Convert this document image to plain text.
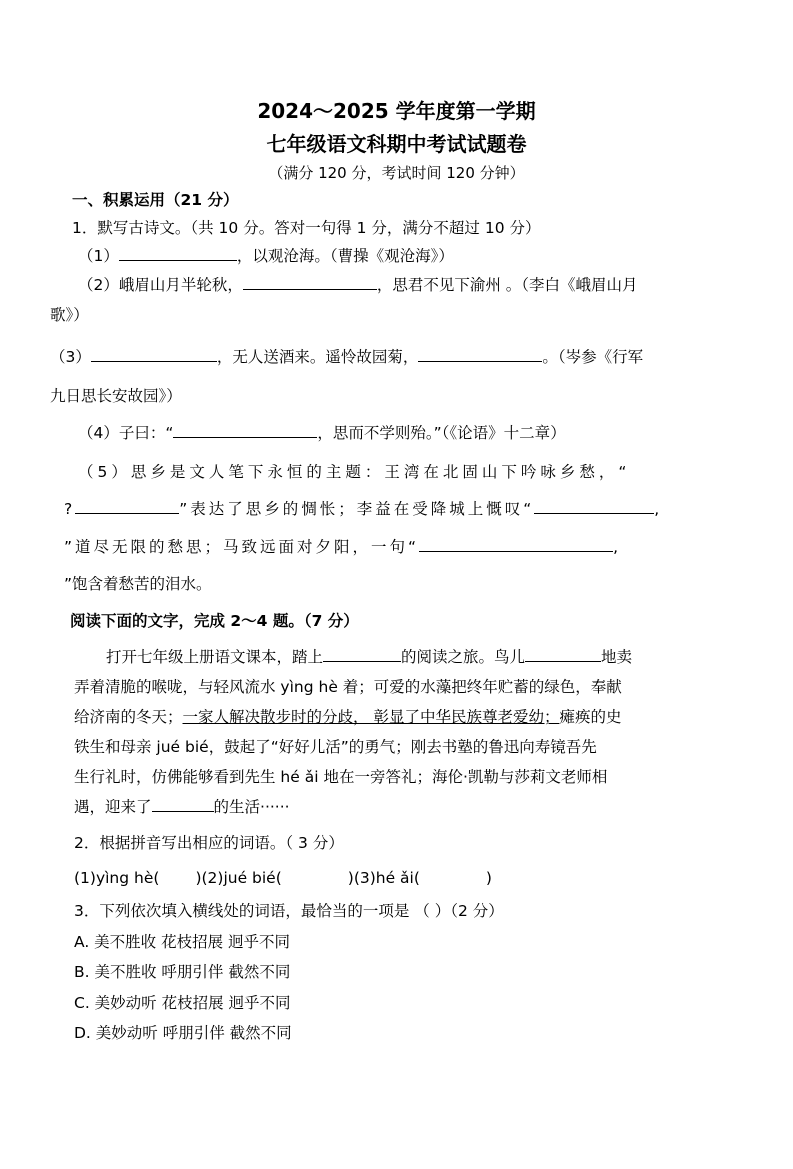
2024～2025 学年度第一学期
七年级语文科期中考试试题卷
（满分 120 分，考试时间 120 分钟）
一、积累运用（21 分）
1．默写古诗文。（共 10 分。答对一句得 1 分，满分不超过 10 分）
（1）	，以观沧海。（曹操《观沧海》）
（2）峨眉山月半轮秋，	，思君不见下渝州 。（李白《峨眉山月
歌》）
（3）	，无人送酒来。遥怜故园菊，	。（岑参《行军
九日思长安故园》）
（4）子曰：“	，思而不学则殆。”（《论语》十二章）
（5）思乡是文人笔下永恒的主题：王湾在北固山下吟咏乡愁，“
?	”表达了思乡的惆怅；李益在受降城上慨叹“	,
”道尽无限的愁思；马致远面对夕阳，一句“	,
”饱含着愁苦的泪水。
阅读下面的文字，完成 2～4 题。（7 分）
打开七年级上册语文课本，踏上	的阅读之旅。鸟儿	地卖
弄着清脆的喉咙，与轻风流水 yìng hè 着；可爱的水藻把终年贮蓄的绿色，奉献
给济南的冬天；一家人解决散步时的分歧， 彰显了中华民族尊老爱幼；瘫痪的史
铁生和母亲 jué bié，鼓起了“好好儿活”的勇气；刚去书塾的鲁迅向寿镜吾先
生行礼时，仿佛能够看到先生 hé ǎi 地在一旁答礼；海伦·凯勒与莎莉文老师相
遇，迎来了	的生活······
2．根据拼音写出相应的词语。（ 3 分）
(1)yìng hè( )(2)jué bié(	)(3)hé ǎi(	)
3．下列依次填入横线处的词语，最恰当的一项是 （ ）（2 分）
A. 美不胜收 花枝招展 迥乎不同
B. 美不胜收 呼朋引伴 截然不同
C. 美妙动听 花枝招展 迥乎不同
D. 美妙动听 呼朋引伴 截然不同
